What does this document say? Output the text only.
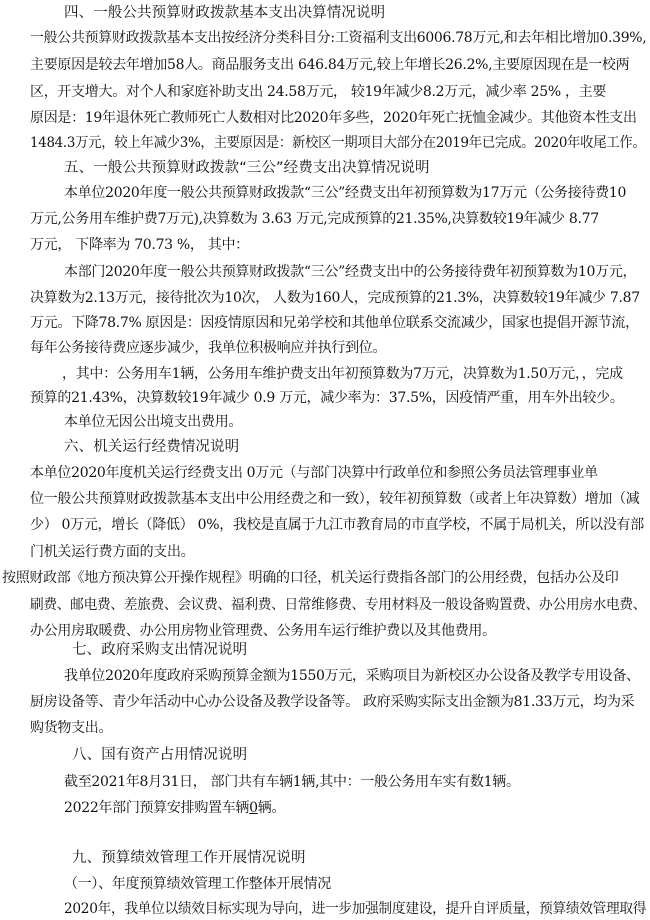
四、一般公共预算财政拨款基本支出决算情况说明
一般公共预算财政拨款基本支出按经济分类科目分:工资福利支出6006.78万元,和去年相比增加0.39%,
主要原因是较去年增加58人。商品服务支出 646.84万元,较上年增长26.2%,主要原因现在是一校两
区，开支增大。对个人和家庭补助支出 24.58万元， 较19年减少8.2万元，减少率 25% ，主要
原因是：19年退休死亡教师死亡人数相对比2020年多些，2020年死亡抚恤金减少。其他资本性支出
1484.3万元，较上年减少3%，主要原因是：新校区一期项目大部分在2019年已完成。2020年收尾工作。
五、一般公共预算财政拨款“三公”经费支出决算情况说明
本单位2020年度一般公共预算财政拨款“三公”经费支出年初预算数为17万元（公务接待费10
万元,公务用车维护费7万元),决算数为 3.63 万元,完成预算的21.35%,决算数较19年减少 8.77
万元， 下降率为 70.73 %， 其中：
本部门2020年度一般公共预算财政拨款“三公”经费支出中的公务接待费年初预算数为10万元，
决算数为2.13万元，接待批次为10次， 人数为160人，完成预算的21.3%，决算数较19年减少 7.87
万元。下降78.7% 原因是：因疫情原因和兄弟学校和其他单位联系交流减少，国家也提倡开源节流，
每年公务接待费应逐步减少，我单位积极响应并执行到位。
，其中：公务用车1辆，公务用车维护费支出年初预算数为7万元，决算数为1.50万元，，完成
预算的21.43%，决算数较19年减少 0.9 万元，减少率为：37.5%，因疫情严重，用车外出较少。
本单位无因公出境支出费用。
六、机关运行经费情况说明
本单位2020年度机关运行经费支出 0万元（与部门决算中行政单位和参照公务员法管理事业单
位一般公共预算财政拨款基本支出中公用经费之和一致），较年初预算数（或者上年决算数）增加（减
少） 0万元，增长（降低） 0%，我校是直属于九江市教育局的市直学校，不属于局机关，所以没有部
门机关运行费方面的支出。
按照财政部《地方预决算公开操作规程》明确的口径，机关运行费指各部门的公用经费，包括办公及印
刷费、邮电费、差旅费、会议费、福利费、日常维修费、专用材料及一般设备购置费、办公用房水电费、
办公用房取暖费、办公用房物业管理费、公务用车运行维护费以及其他费用。
七、政府采购支出情况说明
我单位2020年度政府采购预算金额为1550万元，采购项目为新校区办公设备及教学专用设备、
厨房设备等、青少年活动中心办公设备及教学设备等。 政府采购实际支出金额为81.33万元，均为采
购货物支出。
八、国有资产占用情况说明
截至2021年8月31日， 部门共有车辆1辆,其中：一般公务用车实有数1辆。
2022年部门预算安排购置车辆0辆。
九、预算绩效管理工作开展情况说明
（一）、年度预算绩效管理工作整体开展情况
2020年，我单位以绩效目标实现为导向，进一步加强制度建设，提升自评质量，预算绩效管理取得
